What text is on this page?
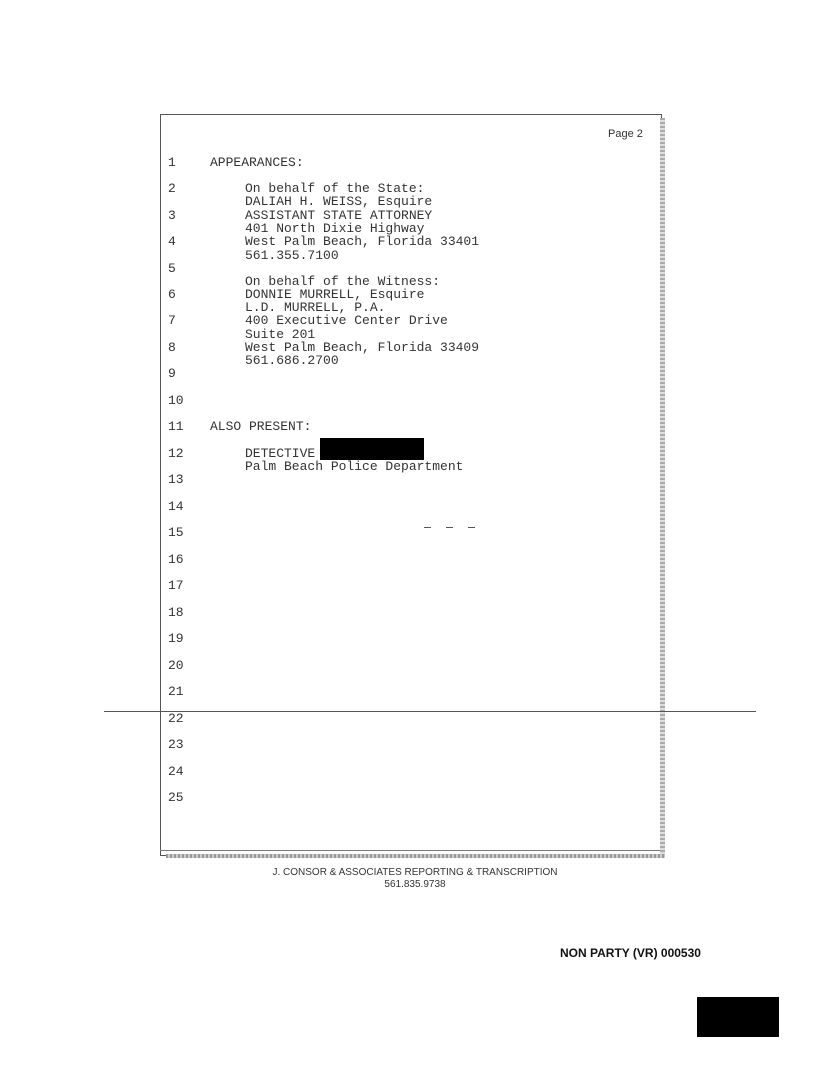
Page 2
1
2
3
4
5
6
7
8
9
10
11
12
13
14
15
16
17
18
19
20
21
22
23
24
25
APPEARANCES:
On behalf of the State:
DALIAH H. WEISS, Esquire
ASSISTANT STATE ATTORNEY
401 North Dixie Highway
West Palm Beach, Florida 33401
561.355.7100
On behalf of the Witness:
DONNIE MURRELL, Esquire
L.D. MURRELL, P.A.
400 Executive Center Drive
Suite 201
West Palm Beach, Florida 33409
561.686.2700
ALSO PRESENT:
DETECTIVE
Palm Beach Police Department
J. CONSOR & ASSOCIATES REPORTING & TRANSCRIPTION
561.835.9738
NON PARTY (VR) 000530
